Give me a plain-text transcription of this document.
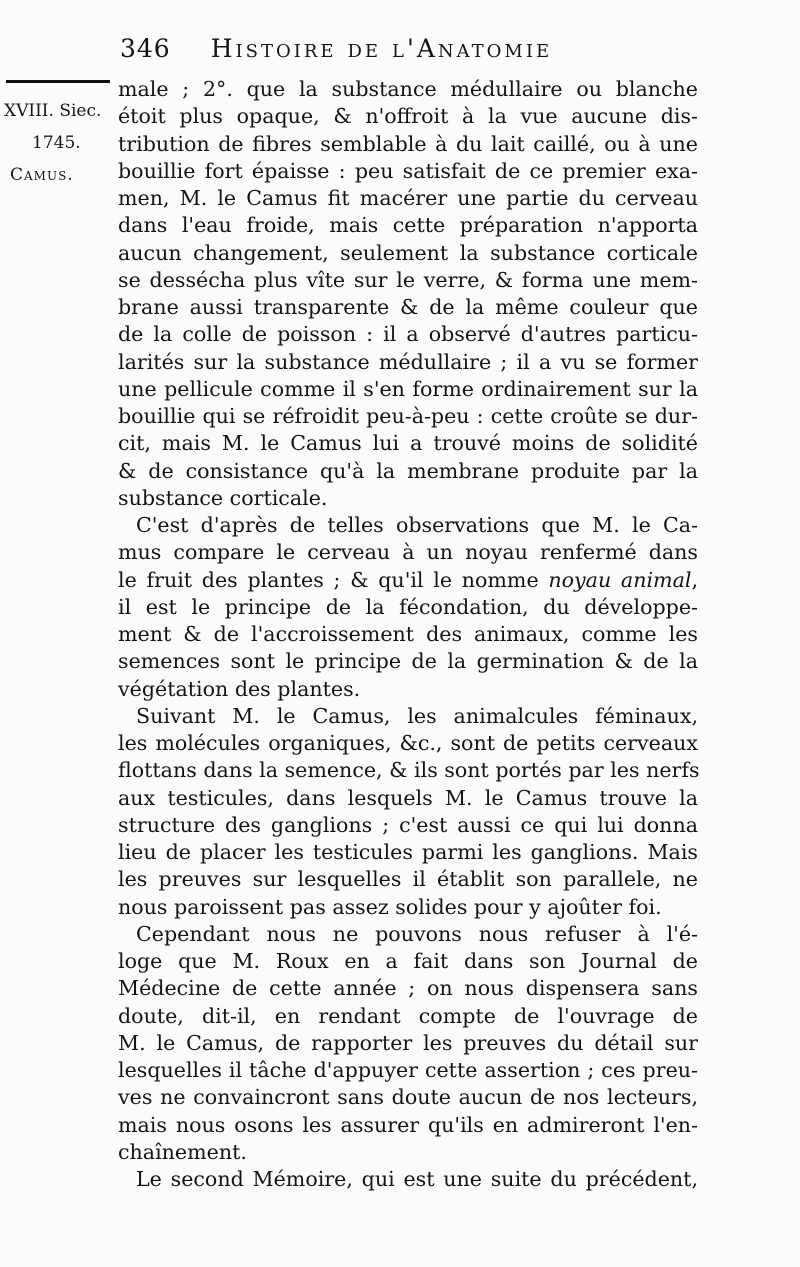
346 Histoire de l'Anatomie
XVIII. Siec.
1745.
Camus.
male ; 2°. que la substance médullaire ou blanche
étoit plus opaque, & n'offroit à la vue aucune dis-
tribution de fibres semblable à du lait caillé, ou à une
bouillie fort épaisse : peu satisfait de ce premier exa-
men, M. le Camus fit macérer une partie du cerveau
dans l'eau froide, mais cette préparation n'apporta
aucun changement, seulement la substance corticale
se dessécha plus vîte sur le verre, & forma une mem-
brane aussi transparente & de la même couleur que
de la colle de poisson : il a observé d'autres particu-
larités sur la substance médullaire ; il a vu se former
une pellicule comme il s'en forme ordinairement sur la
bouillie qui se réfroidit peu-à-peu : cette croûte se dur-
cit, mais M. le Camus lui a trouvé moins de solidité
& de consistance qu'à la membrane produite par la
substance corticale.
C'est d'après de telles observations que M. le Ca-
mus compare le cerveau à un noyau renfermé dans
le fruit des plantes ; & qu'il le nomme noyau animal,
il est le principe de la fécondation, du développe-
ment & de l'accroissement des animaux, comme les
semences sont le principe de la germination & de la
végétation des plantes.
Suivant M. le Camus, les animalcules féminaux,
les molécules organiques, &c., sont de petits cerveaux
flottans dans la semence, & ils sont portés par les nerfs
aux testicules, dans lesquels M. le Camus trouve la
structure des ganglions ; c'est aussi ce qui lui donna
lieu de placer les testicules parmi les ganglions. Mais
les preuves sur lesquelles il établit son parallele, ne
nous paroissent pas assez solides pour y ajoûter foi.
Cependant nous ne pouvons nous refuser à l'é-
loge que M. Roux en a fait dans son Journal de
Médecine de cette année ; on nous dispensera sans
doute, dit-il, en rendant compte de l'ouvrage de
M. le Camus, de rapporter les preuves du détail sur
lesquelles il tâche d'appuyer cette assertion ; ces preu-
ves ne convaincront sans doute aucun de nos lecteurs,
mais nous osons les assurer qu'ils en admireront l'en-
chaînement.
Le second Mémoire, qui est une suite du précédent,
